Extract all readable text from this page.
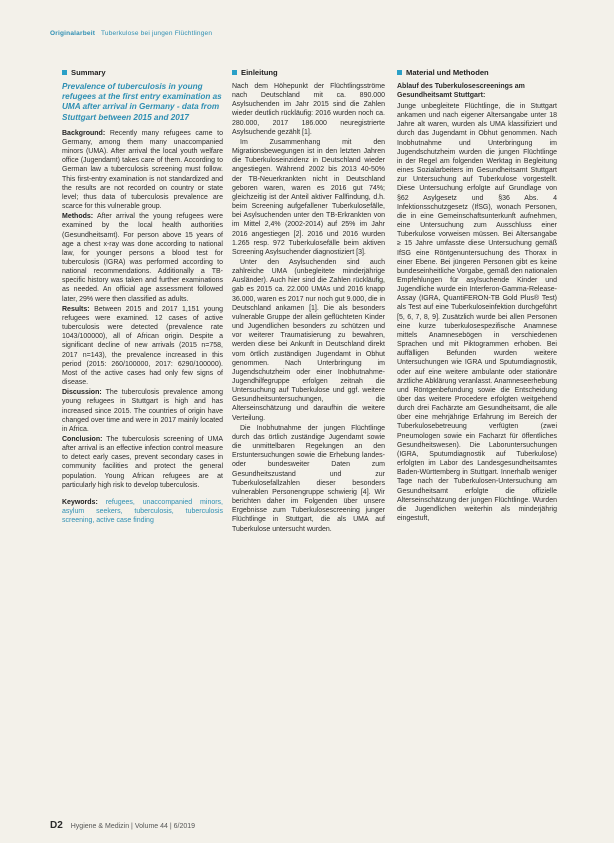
Originalarbeit Tuberkulose bei jungen Flüchtlingen
Summary

Prevalence of tuberculosis in young refugees at the first entry examination as UMA after arrival in Germany - data from Stuttgart between 2015 and 2017

Background: Recently many refugees came to Germany, among them many unaccompanied minors (UMA). After arrival the local youth welfare office (Jugendamt) takes care of them. According to German law a tuberculosis screening must follow. This first-entry examination is not standardized and the results are not recorded on country or state level; thus data of tuberculosis prevalence are scarce for this vulnerable group.

Methods: After arrival the young refugees were examined by the local health authorities (Gesundheitsamt). For person above 15 years of age a chest x-ray was done according to national law, for younger persons a blood test for tuberculosis (IGRA) was performed according to national recommendations. Additionally a TB-specific history was taken and further examinations as needed. An official age assessment followed later, 29% were then classified as adults.

Results: Between 2015 and 2017 1,151 young refugees were examined. 12 cases of active tuberculosis were detected (prevalence rate 1043/100000), all of African origin. Despite a significant decline of new arrivals (2015 n=758, 2017 n=143), the prevalence increased in this period (2015: 260/100000, 2017: 6290/100000). Most of the active cases had only few signs of disease.

Discussion: The tuberculosis prevalence among young refugees in Stuttgart is high and has increased since 2015. The countries of origin have changed over time and were in 2017 mainly located in Africa.

Conclusion: The tuberculosis screening of UMA after arrival is an effective infection control measure to detect early cases, prevent secondary cases in community facilities and protect the general population. Young African refugees are at particularly high risk to develop tuberculosis.

Keywords: refugees, unaccompanied minors, asylum seekers, tuberculosis, tuberculosis screening, active case finding

Einleitung

Nach dem Höhepunkt der Flüchtlingsströme nach Deutschland mit ca. 890.000 Asylsuchenden im Jahr 2015 sind die Zahlen wieder deutlich rückläufig: 2016 wurden noch ca. 280.000, 2017 186.000 neuregistrierte Asylsuchende gezählt [1].

Im Zusammenhang mit den Migrationsbewegungen ist in den letzten Jahren die Tuberkuloseinzidenz in Deutschland wieder angestiegen. Während 2002 bis 2013 40-50% der TB-Neuerkrankten nicht in Deutschland geboren waren, waren es 2016 gut 74%; gleichzeitig ist der Anteil aktiver Fallfindung, d.h. beim Screening aufgefallener Tuberkulosefälle, bei Asylsuchenden unter den TB-Erkrankten von im Mittel 2,4% (2002-2014) auf 25% im Jahr 2016 angestiegen [2]. 2016 und 2016 wurden 1.265 resp. 972 Tuberkulosefälle beim aktiven Screening Asylsuchender diagnostiziert [3].

Unter den Asylsuchenden sind auch zahlreiche UMA (unbegleitete minderjährige Ausländer). Auch hier sind die Zahlen rückläufig, gab es 2015 ca. 22.000 UMAs und 2016 knapp 36.000, waren es 2017 nur noch gut 9.000, die in Deutschland ankamen [1]. Die als besonders vulnerable Gruppe der allein geflüchteten Kinder und Jugendlichen besonders zu schützen und vor weiterer Traumatisierung zu bewahren, werden diese bei Ankunft in Deutschland direkt vom örtlich zuständigen Jugendamt in Obhut genommen. Nach Unterbringung im Jugendschutzheim oder einer Inobhutnahme-Jugendhilfegruppe erfolgen zeitnah die Untersuchung auf Tuberkulose und ggf. weitere Gesundheitsuntersuchungen, die Alterseinschätzung und daraufhin die weitere Verteilung.

Die Inobhutnahme der jungen Flüchtlinge durch das örtlich zuständige Jugendamt sowie die unmittelbaren Regelungen an den Erstuntersuchungen sowie die Erhebung landes- oder bundesweiter Daten zum Gesundheitszustand und zur Tuberkulosefallzahlen dieser besonders vulnerablen Personengruppe schwierig [4]. Wir berichten daher im Folgenden über unsere Ergebnisse zum Tuberkulosescreening junger Flüchtlinge in Stuttgart, die als UMA auf Tuberkulose untersucht wurden.

Material und Methoden

Ablauf des Tuberkulosescreenings am Gesundheitsamt Stuttgart:

Junge unbegleitete Flüchtlinge, die in Stuttgart ankamen und nach eigener Altersangabe unter 18 Jahre alt waren, wurden als UMA klassifiziert und durch das Jugendamt in Obhut genommen. Nach Inobhutnahme und Unterbringung im Jugendschutzheim wurden die jungen Flüchtlinge in der Regel am folgenden Werktag in Begleitung eines Sozialarbeiters im Gesundheitsamt Stuttgart zur Untersuchung auf Tuberkulose vorgestellt. Diese Untersuchung erfolgte auf Grundlage von §62 Asylgesetz und §36 Abs. 4 Infektionsschutzgesetz (IfSG), wonach Personen, die in eine Gemeinschaftsunterkunft aufnehmen, eine Untersuchung zum Ausschluss einer Tuberkulose vorweisen müssen. Bei Altersangabe ≥ 15 Jahre umfasste diese Untersuchung gemäß IfSG eine Röntgenuntersuchung des Thorax in einer Ebene. Bei jüngeren Personen gibt es keine bundeseinheitliche Vorgabe, gemäß den nationalen Empfehlungen für asylsuchende Kinder und Jugendliche wurde ein Interferon-Gamma-Release-Assay (IGRA, QuantiFERON-TB Gold Plus® Test) als Test auf eine Tuberkuloseinfektion durchgeführt [5, 6, 7, 8, 9]. Zusätzlich wurde bei allen Personen eine kurze tuberkulosespezifische Anamnese mittels Anamnesebögen in verschiedenen Sprachen und mit Piktogrammen erhoben. Bei auffälligen Befunden wurden weitere Untersuchungen wie IGRA und Sputumdiagnostik, oder auf eine weitere ambulante oder stationäre ärztliche Abklärung veranlasst. Anamneseerhebung und Röntgenbefundung sowie die Entscheidung über das weitere Procedere erfolgten weitgehend durch drei Fachärzte am Gesundheitsamt, die alle über eine mehrjährige Erfahrung im Bereich der Tuberkulosebetreuung verfügten (zwei Pneumologen sowie ein Facharzt für öffentliches Gesundheitswesen). Die Laboruntersuchungen (IGRA, Sputumdiagnostik auf Tuberkulose) erfolgten im Labor des Landesgesundheitsamtes Baden-Württemberg in Stuttgart. Innerhalb weniger Tage nach der Tuberkulosen-Untersuchung am Gesundheitsamt erfolgte die offizielle Alterseinschätzung der jungen Flüchtlinge. Wurden die Jugendlichen weiterhin als minderjährig eingestuft,

D2 Hygiene & Medizin | Volume 44 | 6/2019
